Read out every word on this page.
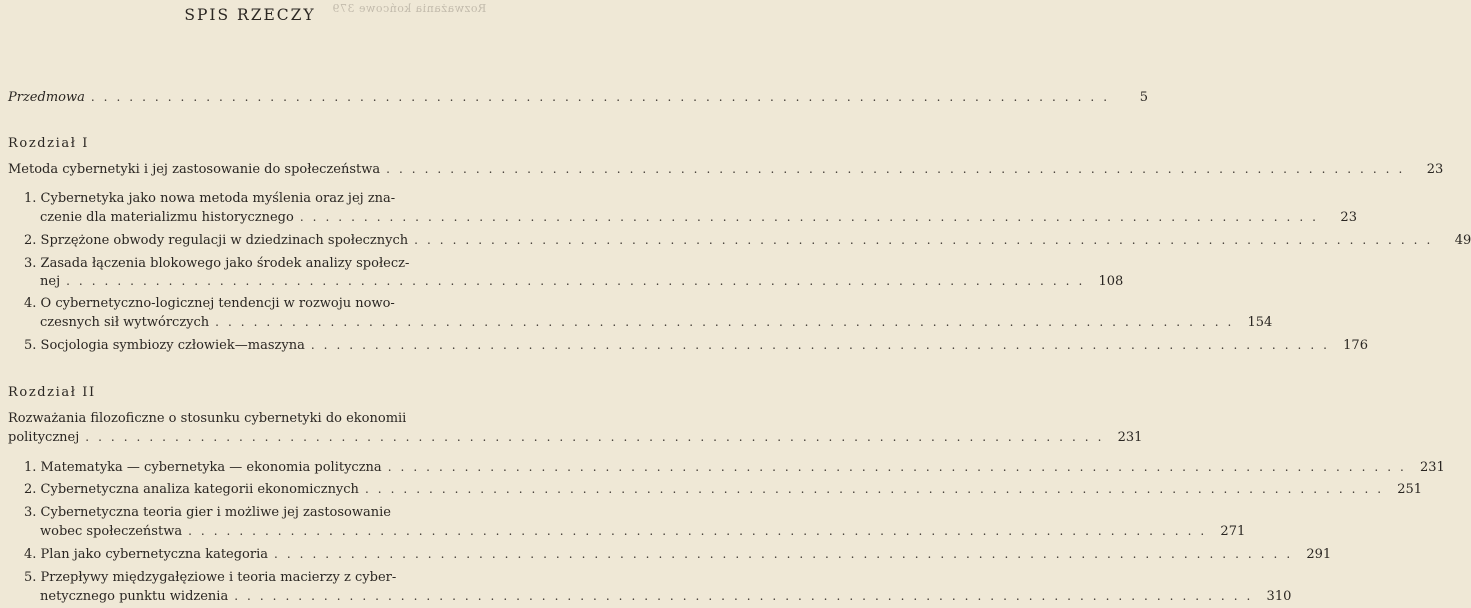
Rozważania końcowe 379
SPIS RZECZY
Przedmowa ................................................................................	5
Rozdział I
Metoda cybernetyki i jej zastosowanie do społeczeństwa ................................................................................	23
1. Cybernetyka jako nowa metoda myślenia oraz jej zna-
czenie dla materializmu historycznego ................................................................................	23
2. Sprzężone obwody regulacji w dziedzinach społecznych ................................................................................	49
3. Zasada łączenia blokowego jako środek analizy społecz-
nej ................................................................................ 108
4. O cybernetyczno-logicznej tendencji w rozwoju nowo-
czesnych sił wytwórczych ................................................................................ 154
5. Socjologia symbiozy człowiek—maszyna ................................................................................ 176
Rozdział II
Rozważania filozoficzne o stosunku cybernetyki do ekonomii
politycznej ................................................................................ 231
1. Matematyka — cybernetyka — ekonomia polityczna ................................................................................ 231
2. Cybernetyczna analiza kategorii ekonomicznych ................................................................................ 251
3. Cybernetyczna teoria gier i możliwe jej zastosowanie
wobec społeczeństwa ................................................................................ 271
4. Plan jako cybernetyczna kategoria ................................................................................ 291
5. Przepływy międzygałęziowe i teoria macierzy z cyber-
netycznego punktu widzenia ................................................................................ 310
